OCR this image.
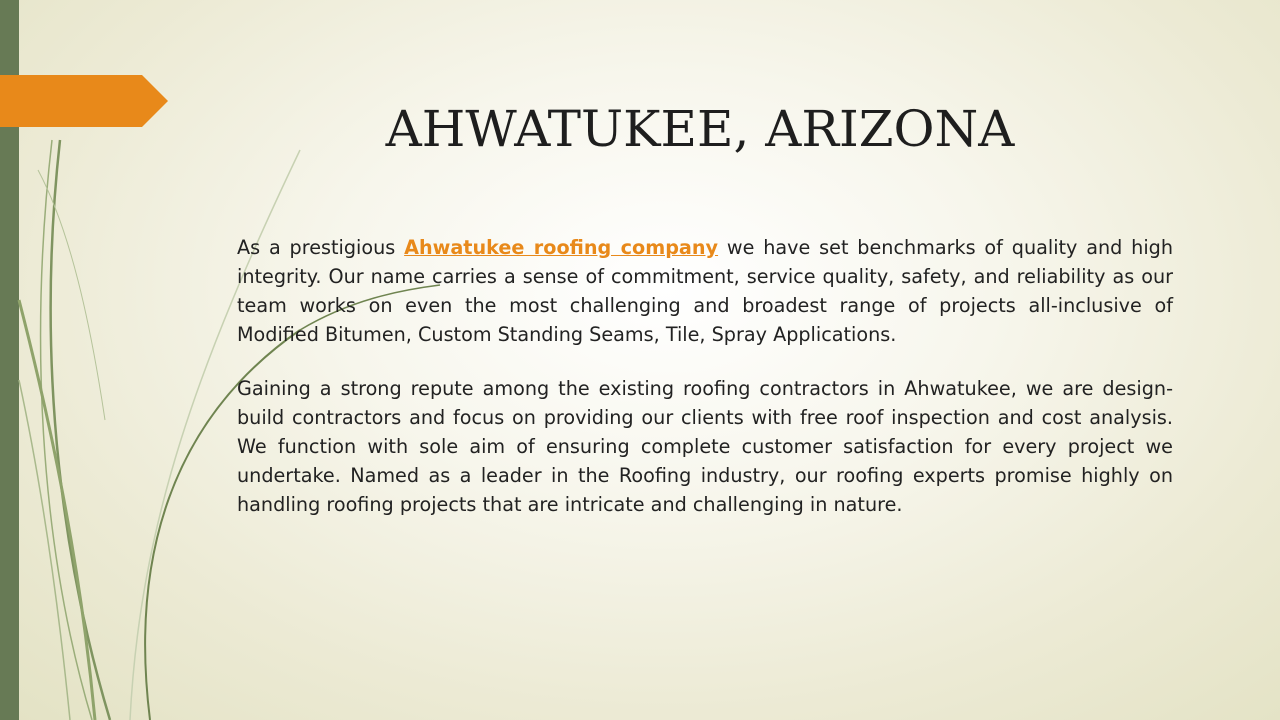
AHWATUKEE, ARIZONA

As a prestigious Ahwatukee roofing company we have set benchmarks of quality and high integrity. Our name carries a sense of commitment, service quality, safety, and reliability as our team works on even the most challenging and broadest range of projects all-inclusive of Modified Bitumen, Custom Standing Seams, Tile, Spray Applications.

Gaining a strong repute among the existing roofing contractors in Ahwatukee, we are design-build contractors and focus on providing our clients with free roof inspection and cost analysis. We function with sole aim of ensuring complete customer satisfaction for every project we undertake. Named as a leader in the Roofing industry, our roofing experts promise highly on handling roofing projects that are intricate and challenging in nature.
